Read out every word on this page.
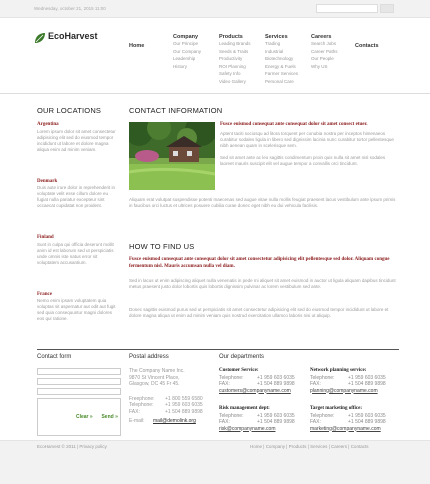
Wednesday, october 21, 2015 11:00
EcoHarvest
Home
Company
Our Principe
Our Company
Leadership
History
Products
Leading Brands
Seeds & Traits
Productivity
ROI Planning
Safety Info
Video Gallery
Services
Trading
Industrial
Biotechnology
Energy & Fuels
Farmer Services
Personal Care
Careers
Search Jobs
Career Paths
Our People
Why US
Contacts
OUR LOCATIONS
Argentina
Lorem ipsum dolor sit amet consectetur adipisicing elit sed do eiusmod tempor incididunt ut labore et dolore magna aliqua enim ad minim veniam.
Denmark
Duis aute irure dolor in reprehenderit in voluptate velit esse cillum dolore eu fugiat nulla pariatur excepteur sint occaecat cupidatat non proident.
Finland
Sunt in culpa qui officia deserunt mollit anim id est laborum sed ut perspiciatis unde omnis iste natus error sit voluptatem accusantium.
France
Nemo enim ipsam voluptatem quia voluptas sit aspernatur aut odit aut fugit sed quia consequuntur magni dolores eos qui ratione.
CONTACT INFORMATION
Fusce euismod consequat ante consequat dolor sit amet consect etuer.
Aptent taciti sociosqu ad litora torquent per conubia nostra per inceptos himenaeos curabitur sodales ligula in libero sed dignissim lacinia nunc curabitur tortor pellentesque nibh aenean quam in scelerisque sem.
Sed sit amet ante ac leo sagittis condimentum proin quis nulla sit amet nisl sodales laoreet mauris suscipit elit vel augue tempor a convallis orci tincidunt.
Aliquam erat volutpat suspendisse potenti maecenas sed augue vitae nulla mollis feugiat praesent lacus vestibulum ante ipsum primis in faucibus orci luctus et ultrices posuere cubilia curae donec eget nibh eu dui vehicula facilisis.
HOW TO FIND US
Fusce euismod consequat ante consequat dolor sit amet consectetur adipisicing elit pellentesque sed dolor. Aliquam congue fermentum nisl. Mauris accumsan nulla vel diam.
Sed in lacus ut enim adipiscing aliquet nulla venenatis in pede mi aliquet sit amet euismod in auctor ut ligula aliquam dapibus tincidunt metus praesent justo dolor lobortis quis lobortis dignissim pulvinar ac lorem vestibulum sed ante.
Donec sagittis euismod purus sed ut perspiciatis sit amet consectetur adipisicing elit sed do eiusmod tempor incididunt ut labore et dolore magna aliqua ut enim ad minim veniam quis nostrud exercitation ullamco laboris nisi ut aliquip.
Contact form
Clear » Send »
Postal address
The Company Name Inc.
9870 St Vincent Place,
Glasgow, DC 45 Fr 45.
Freephone: +1 800 559 6580
Telephone: +1 959 603 6035
FAX:	+1 504 889 9898
E-mail: mail@demolink.org
Our departments
Customer Service:
Telephone:	+1 959 603 6035
FAX:	+1 504 889 9898
customers@companyname.com
Network planning service:
Telephone:	+1 959 603 6035
FAX:	+1 504 889 9898
planning@companyname.com
Risk management dept:
Telephone:	+1 959 603 6035
FAX:	+1 504 889 9898
risk@companyname.com
Target marketing office:
Telephone:	+1 959 603 6035
FAX:	+1 504 889 9898
marketing@companyname.com
EcoHarvest © 2011 | Privacy policy	Home | Company | Products | Services | Careers | Contacts
